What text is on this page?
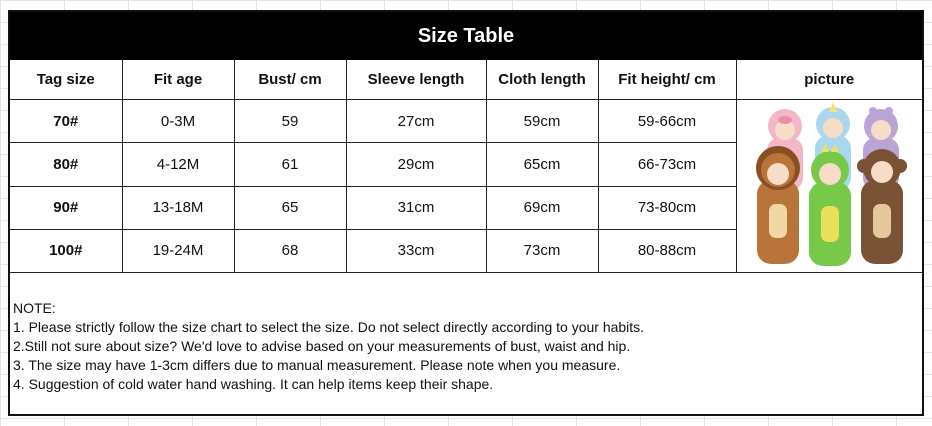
Size Table
Tag size	Fit age	Bust/ cm	Sleeve length	Cloth length	Fit height/ cm	picture
70#	0-3M	59	27cm	59cm	59-66cm	
80#	4-12M	61	29cm	65cm	66-73cm	
90#	13-18M	65	31cm	69cm	73-80cm	
100#	19-24M	68	33cm	73cm	80-88cm	
NOTE:
1. Please strictly follow the size chart to select the size. Do not select directly according to your habits.
2.Still not sure about size? We'd love to advise based on your measurements of bust, waist and hip.
3. The size may have 1-3cm differs due to manual measurement. Please note when you measure.
4. Suggestion of cold water hand washing. It can help items keep their shape.
